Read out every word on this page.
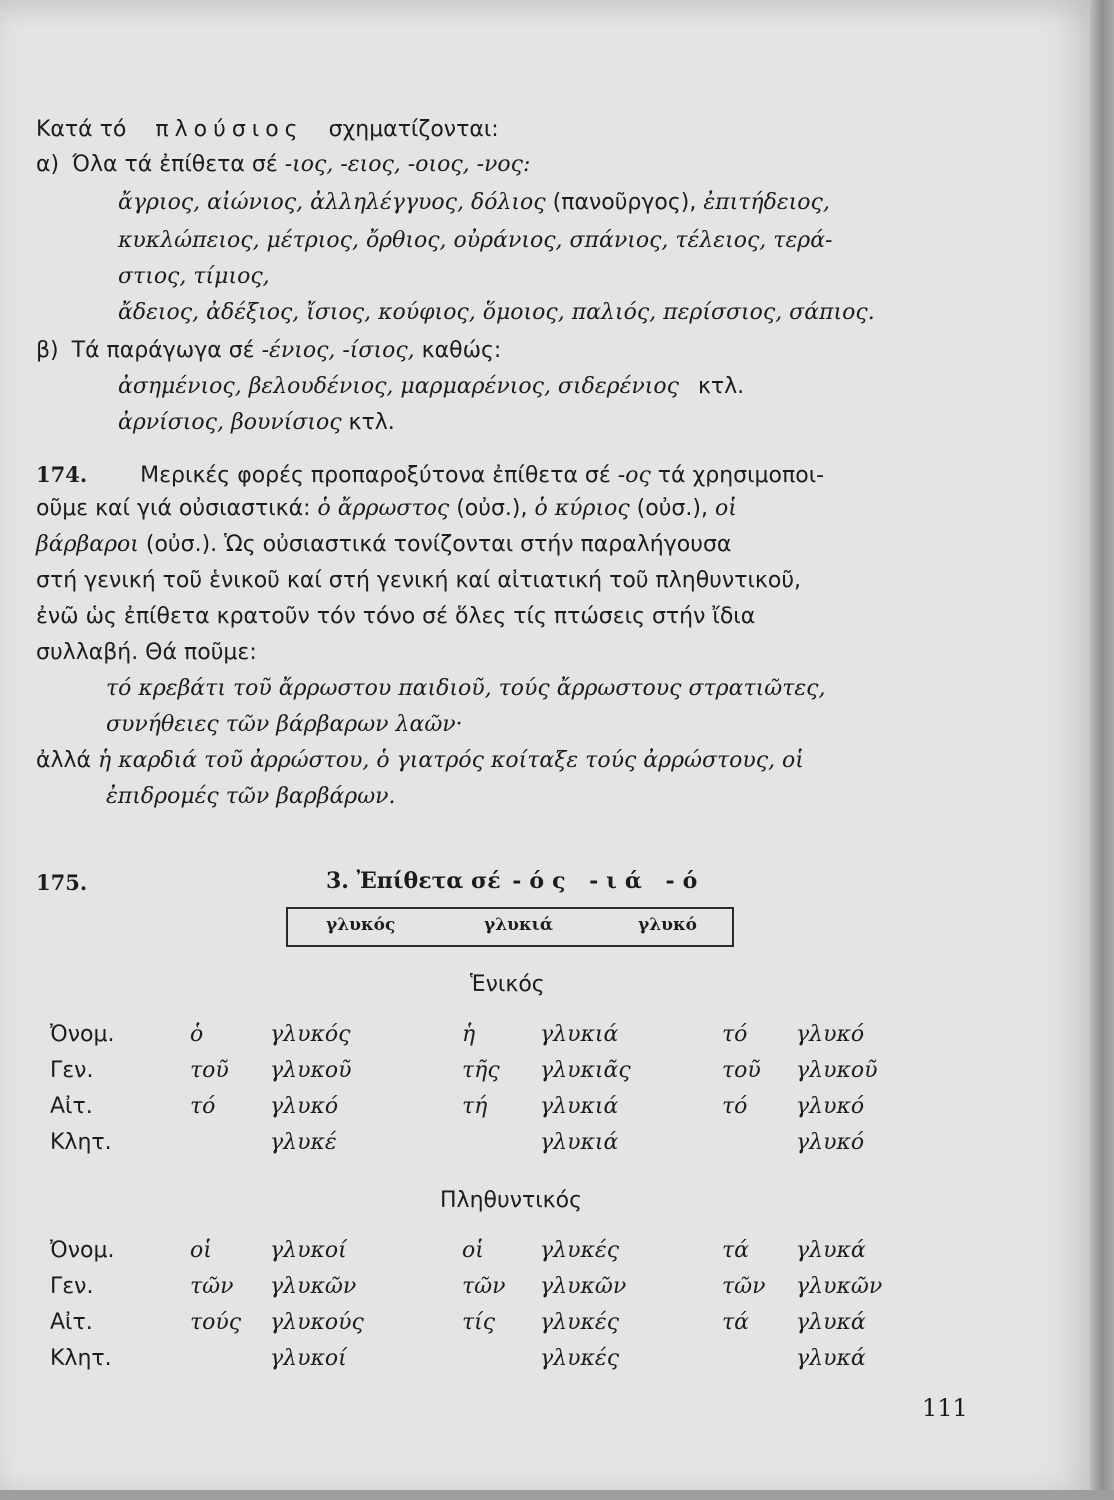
Κατά τό πλούσιος σχηματίζονται:
α) Όλα τά ἐπίθετα σέ -ιος, -ειος, -οιος, -νος:
ἄγριος, αἰώνιος, ἀλληλέγγυος, δόλιος (πανοῦργος), ἐπιτήδειος,
κυκλώπειος, μέτριος, ὄρθιος, οὐράνιος, σπάνιος, τέλειος, τερά-
στιος, τίμιος,
ἄδειος, ἀδέξιος, ἴσιος, κούφιος, ὅμοιος, παλιός, περίσσιος, σάπιος.
β) Τά παράγωγα σέ -ένιος, -ίσιος, καθώς:
ἀσημένιος, βελουδένιος, μαρμαρένιος, σιδερένιος κτλ.
ἀρνίσιος, βουνίσιος κτλ.
174. Μερικές φορές προπαροξύτονα ἐπίθετα σέ -ος τά χρησιμοποι-
οῦμε καί γιά οὐσιαστικά: ὁ ἄρρωστος (οὐσ.), ὁ κύριος (οὐσ.), οἱ
βάρβαροι (οὐσ.). Ὡς οὐσιαστικά τονίζονται στήν παραλήγουσα
στή γενική τοῦ ἑνικοῦ καί στή γενική καί αἰτιατική τοῦ πληθυντικοῦ,
ἐνῶ ὡς ἐπίθετα κρατοῦν τόν τόνο σέ ὅλες τίς πτώσεις στήν ἴδια
συλλαβή. Θά ποῦμε:
τό κρεβάτι τοῦ ἄρρωστου παιδιοῦ, τούς ἄρρωστους στρατιῶτες,
συνήθειες τῶν βάρβαρων λαῶν·
ἀλλά ἡ καρδιά τοῦ ἀρρώστου, ὁ γιατρός κοίταξε τούς ἀρρώστους, οἱ
ἐπιδρομές τῶν βαρβάρων.
175.	3. Ἐπίθετα σέ -ός -ιά -ό
γλυκός	γλυκιά	γλυκό
Ἑνικός
Ὀνομ.	ὁ	γλυκός	ἡ	γλυκιά	τό γλυκό
Γεν.	τοῦ γλυκοῦ	τῆς γλυκιᾶς	τοῦ γλυκοῦ
Αἰτ.	τό γλυκό	τή γλυκιά	τό γλυκό
Κλητ.	γλυκέ	γλυκιά	γλυκό
Πληθυντικός
Ὀνομ.	οἱ	γλυκοί	οἱ	γλυκές	τά γλυκά
Γεν.	τῶν γλυκῶν	τῶν γλυκῶν	τῶν γλυκῶν
Αἰτ.	τούς γλυκούς	τίς γλυκές	τά γλυκά
Κλητ.	γλυκοί	γλυκές	γλυκά
111
